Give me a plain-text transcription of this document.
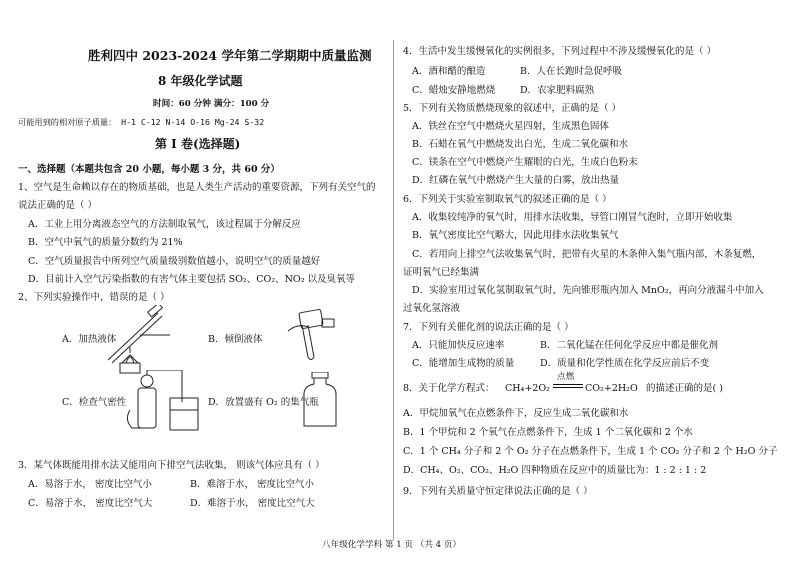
胜利四中 2023-2024 学年第二学期期中质量监测
8 年级化学试题
时间：60 分钟 满分：100 分
可能用到的相对原子质量： H-1 C-12 N-14 O-16 Mg-24 S-32
第 I 卷(选择题)
一、选择题（本题共包含 20 小题，每小题 3 分，共 60 分）
1、空气是生命赖以存在的物质基础，也是人类生产活动的重要资源，下列有关空气的
说法正确的是（ ）
A．工业上用分离液态空气的方法制取氧气，该过程属于分解反应
B．空气中氧气的质量分数约为 21%
C．空气质量报告中所列空气质量级别数值越小，说明空气的质量越好
D．目前计入空气污染指数的有害气体主要包括 SO₂、CO₂、NO₂ 以及臭氧等
2、下列实验操作中，错误的是（ ）
A．加热液体	B．倾倒液体
C．检查气密性	D．放置盛有 O₂ 的集气瓶
3．某气体既能用排水法又能用向下排空气法收集， 则该气体应具有（ ）
A．易溶于水， 密度比空气小	B．难溶于水， 密度比空气小
C．易溶于水， 密度比空气大	D．难溶于水， 密度比空气大
4．生活中发生缓慢氧化的实例很多，下列过程中不涉及缓慢氧化的是（ ）
A．酒和醋的酿造	B．人在长跑时急促呼吸
C．蜡烛安静地燃烧	D．农家肥料腐熟
5．下列有关物质燃烧现象的叙述中，正确的是（ ）
A．铁丝在空气中燃烧火星四射，生成黑色固体
B．石蜡在氧气中燃烧发出白光，生成二氧化碳和水
C．镁条在空气中燃烧产生耀眼的白光，生成白色粉末
D．红磷在氧气中燃烧产生大量的白雾，放出热量
6．下列关于实验室制取氧气的叙述正确的是（ ）
A．收集较纯净的氧气时，用排水法收集，导管口刚冒气泡时，立即开始收集
B．氧气密度比空气略大，因此用排水法收集氧气
C．若用向上排空气法收集氧气时，把带有火星的木条伸入集气瓶内部，木条复燃，
证明氧气已经集满
D．实验室用过氧化氢制取氧气时，先向锥形瓶内加入 MnO₂，再向分液漏斗中加入
过氧化氢溶液
7．下列有关催化剂的说法正确的是（ ）
A．只能加快反应速率	B．二氧化锰在任何化学反应中都是催化剂
C．能增加生成物的质量	D．质量和化学性质在化学反应前后不变
8．关于化学方程式： CH₄+2O₂
点燃
CO₂+2H₂O 的描述正确的是( )
A．甲烷加氧气在点燃条件下，反应生成二氧化碳和水
B．1 个甲烷和 2 个氧气在点燃条件下，生成 1 个二氧化碳和 2 个水
C．1 个 CH₄ 分子和 2 个 O₂ 分子在点燃条件下，生成 1 个 CO₂ 分子和 2 个 H₂O 分子
D．CH₄、O₂、CO₂、H₂O 四种物质在反应中的质量比为：1 : 2 : 1 : 2
9．下列有关质量守恒定律说法正确的是（ ）
八年级化学学科 第 1 页 （共 4 页）
